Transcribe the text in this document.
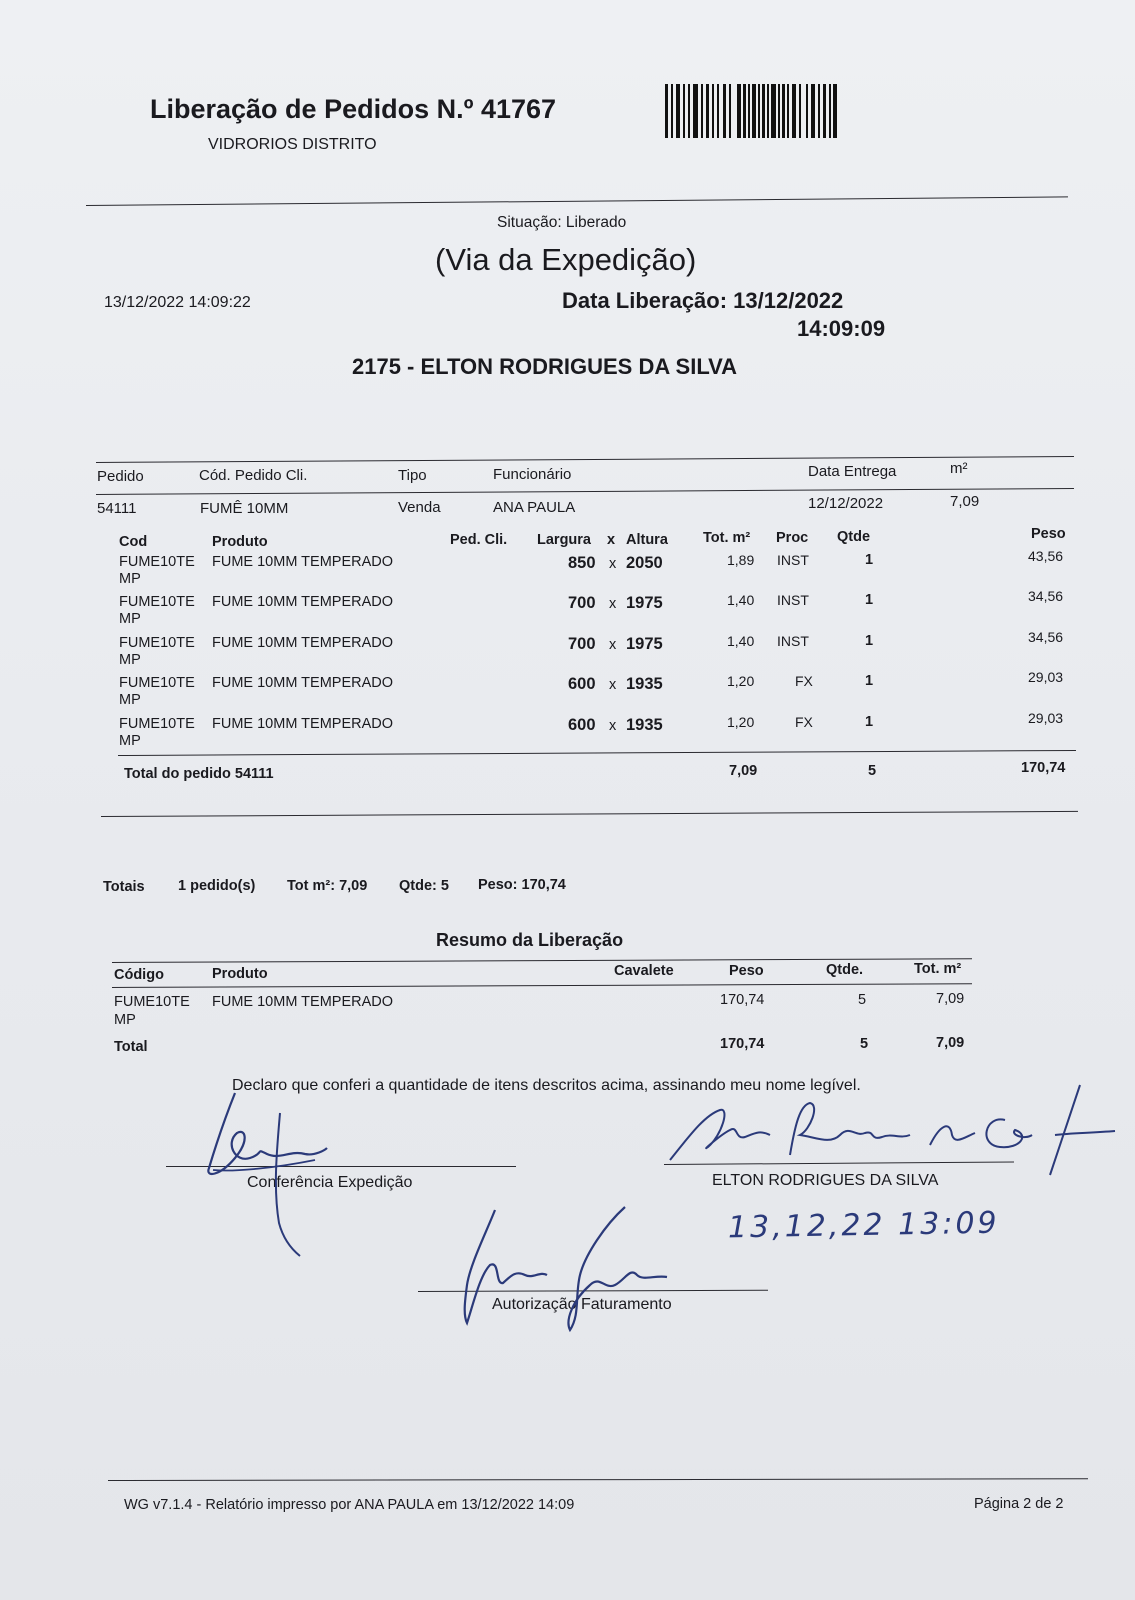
Liberação de Pedidos N.º 41767
VIDRORIOS DISTRITO
Situação: Liberado
(Via da Expedição)
13/12/2022 14:09:22	Data Liberação: 13/12/2022
14:09:09
2175 - ELTON RODRIGUES DA SILVA
Pedido	Cód. Pedido Cli.	Tipo	Funcionário	Data Entrega	m²
54111	FUMÊ 10MM	Venda	ANA PAULA	12/12/2022	7,09
Cod	Produto	Ped. Cli. Largura x Altura Tot. m² Proc Qtde	Peso
FUME10TE
MP
FUME 10MM TEMPERADO	850 x 2050	1,89 INST	1	43,56
FUME10TE
MP
FUME 10MM TEMPERADO	700 x 1975	1,40 INST	1	34,56
FUME10TE
MP
FUME 10MM TEMPERADO	700 x 1975	1,40 INST	1	34,56
FUME10TE
MP
FUME 10MM TEMPERADO	600 x 1935	1,20	FX	1	29,03
FUME10TE
MP
FUME 10MM TEMPERADO	600 x 1935	1,20	FX	1	29,03
Total do pedido 54111	7,09	5	170,74
Totais 1 pedido(s) Tot m²: 7,09 Qtde: 5 Peso: 170,74
Resumo da Liberação
Código	Produto	Cavalete	Peso	Qtde.	Tot. m²
FUME10TE
MP
FUME 10MM TEMPERADO	170,74	5	7,09
Total	170,74	5	7,09
Declaro que conferi a quantidade de itens descritos acima, assinando meu nome legível.
Conferência Expedição	ELTON RODRIGUES DA SILVA
Autorização Faturamento
13,12,22 13:09
WG v7.1.4 - Relatório impresso por ANA PAULA em 13/12/2022 14:09	Página 2 de 2
